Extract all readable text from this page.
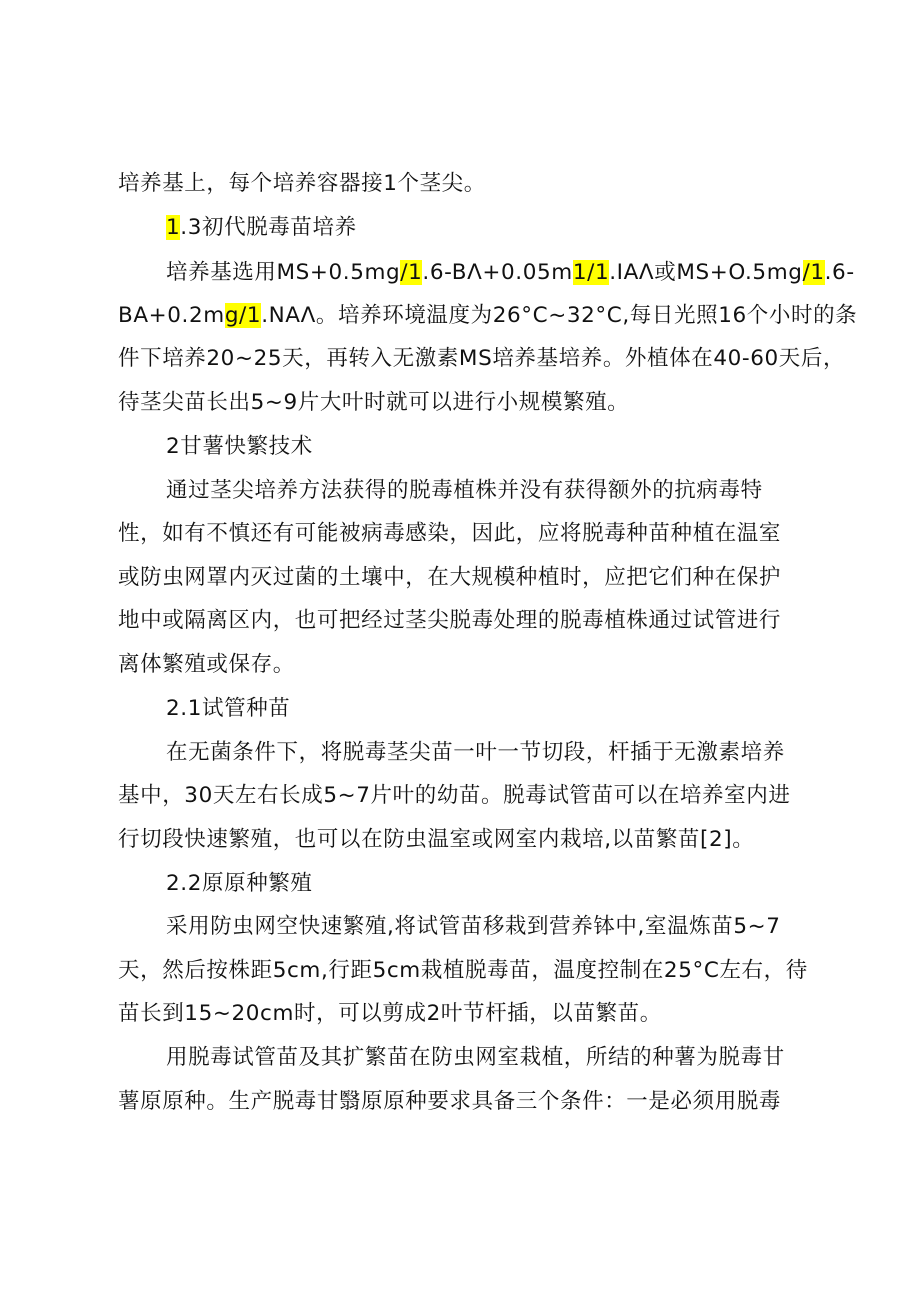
培养基上，每个培养容器接1个茎尖。
1.3初代脱毒苗培养
培养基选用MS+0.5mg∕1.6-BΛ+0.05m1∕1.IAΛ或MS+O.5mg∕1.6-
BA+0.2mg∕1.NAΛ。培养环境温度为26°C~32°C,每日光照16个小时的条
件下培养20~25天，再转入无激素MS培养基培养。外植体在40-60天后，
待茎尖苗长出5~9片大叶时就可以进行小规模繁殖。
2甘薯快繁技术
通过茎尖培养方法获得的脱毒植株并没有获得额外的抗病毒特
性，如有不慎还有可能被病毒感染，因此，应将脱毒种苗种植在温室
或防虫网罩内灭过菌的土壤中，在大规模种植时，应把它们种在保护
地中或隔离区内，也可把经过茎尖脱毒处理的脱毒植株通过试管进行
离体繁殖或保存。
2.1试管种苗
在无菌条件下，将脱毒茎尖苗一叶一节切段，杆插于无激素培养
基中，30天左右长成5~7片叶的幼苗。脱毒试管苗可以在培养室内进
行切段快速繁殖，也可以在防虫温室或网室内栽培,以苗繁苗[2]。
2.2原原种繁殖
采用防虫网空快速繁殖,将试管苗移栽到营养钵中,室温炼苗5~7
天，然后按株距5cm,行距5cm栽植脱毒苗，温度控制在25°C左右，待
苗长到15~20cm时，可以剪成2叶节杆插，以苗繁苗。
用脱毒试管苗及其扩繁苗在防虫网室栽植，所结的种薯为脱毒甘
薯原原种。生产脱毒甘翳原原种要求具备三个条件：一是必须用脱毒
